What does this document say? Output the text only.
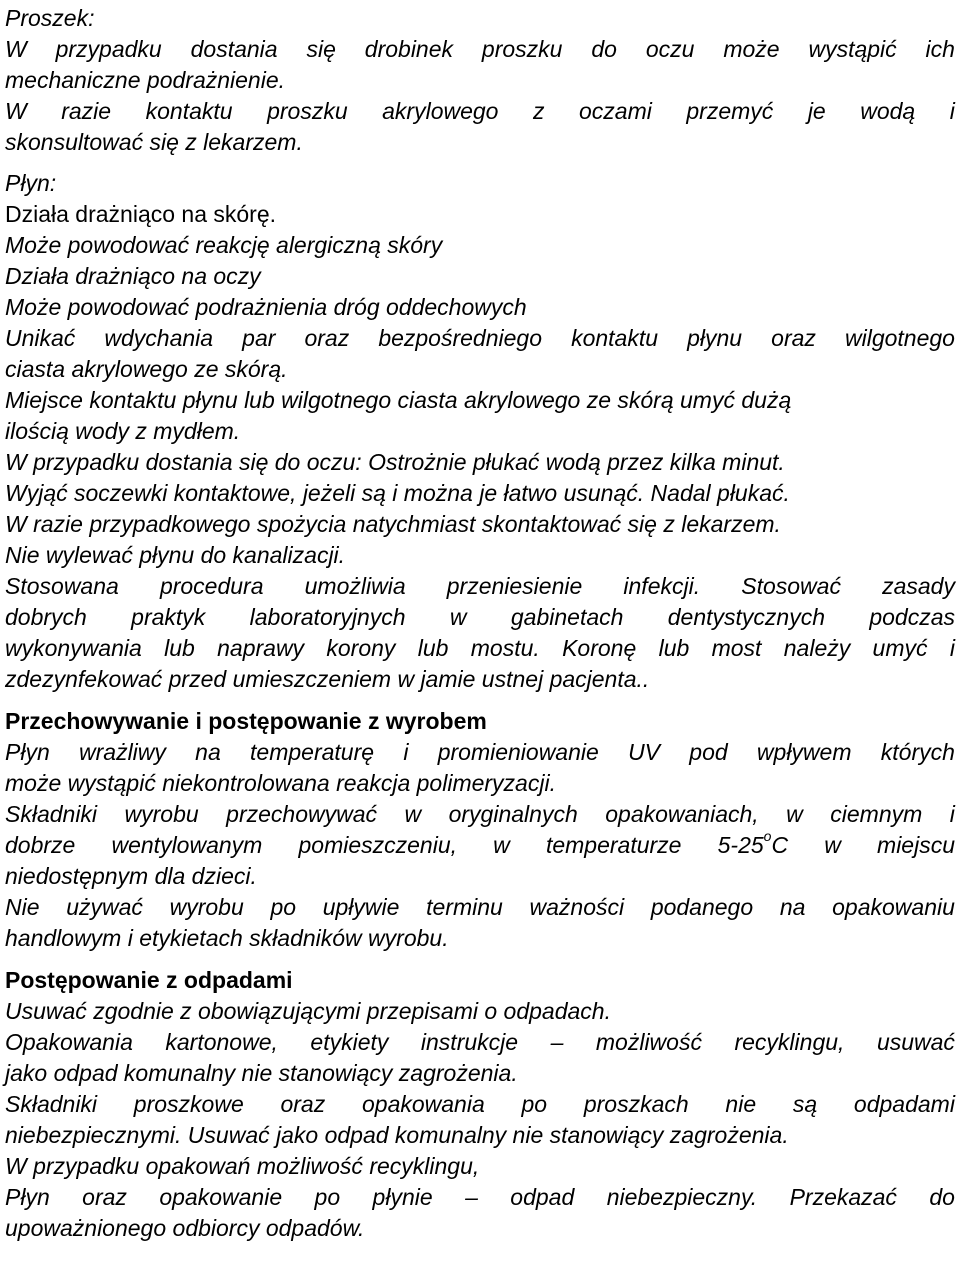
Proszek:
W przypadku dostania się drobinek proszku do oczu może wystąpić ich
mechaniczne podrażnienie.
W razie kontaktu proszku akrylowego z oczami przemyć je wodą i
skonsultować się z lekarzem.
Płyn:
Działa drażniąco na skórę.
Może powodować reakcję alergiczną skóry
Działa drażniąco na oczy
Może powodować podrażnienia dróg oddechowych
Unikać wdychania par oraz bezpośredniego kontaktu płynu oraz wilgotnego
ciasta akrylowego ze skórą.
Miejsce kontaktu płynu lub wilgotnego ciasta akrylowego ze skórą umyć dużą
ilością wody z mydłem.
W przypadku dostania się do oczu: Ostrożnie płukać wodą przez kilka minut.
Wyjąć soczewki kontaktowe, jeżeli są i można je łatwo usunąć. Nadal płukać.
W razie przypadkowego spożycia natychmiast skontaktować się z lekarzem.
Nie wylewać płynu do kanalizacji.
Stosowana procedura umożliwia przeniesienie infekcji. Stosować zasady
dobrych praktyk laboratoryjnych w gabinetach dentystycznych podczas
wykonywania lub naprawy korony lub mostu. Koronę lub most należy umyć i
zdezynfekować przed umieszczeniem w jamie ustnej pacjenta..
Przechowywanie i postępowanie z wyrobem
Płyn wrażliwy na temperaturę i promieniowanie UV pod wpływem których
może wystąpić niekontrolowana reakcja polimeryzacji.
Składniki wyrobu przechowywać w oryginalnych opakowaniach, w ciemnym i
dobrze wentylowanym pomieszczeniu, w temperaturze 5-25$^o$C w miejscu
niedostępnym dla dzieci.
Nie używać wyrobu po upływie terminu ważności podanego na opakowaniu
handlowym i etykietach składników wyrobu.
Postępowanie z odpadami
Usuwać zgodnie z obowiązującymi przepisami o odpadach.
Opakowania kartonowe, etykiety instrukcje – możliwość recyklingu, usuwać
jako odpad komunalny nie stanowiący zagrożenia.
Składniki proszkowe oraz opakowania po proszkach nie są odpadami
niebezpiecznymi. Usuwać jako odpad komunalny nie stanowiący zagrożenia.
W przypadku opakowań możliwość recyklingu,
Płyn oraz opakowanie po płynie – odpad niebezpieczny. Przekazać do
upoważnionego odbiorcy odpadów.
